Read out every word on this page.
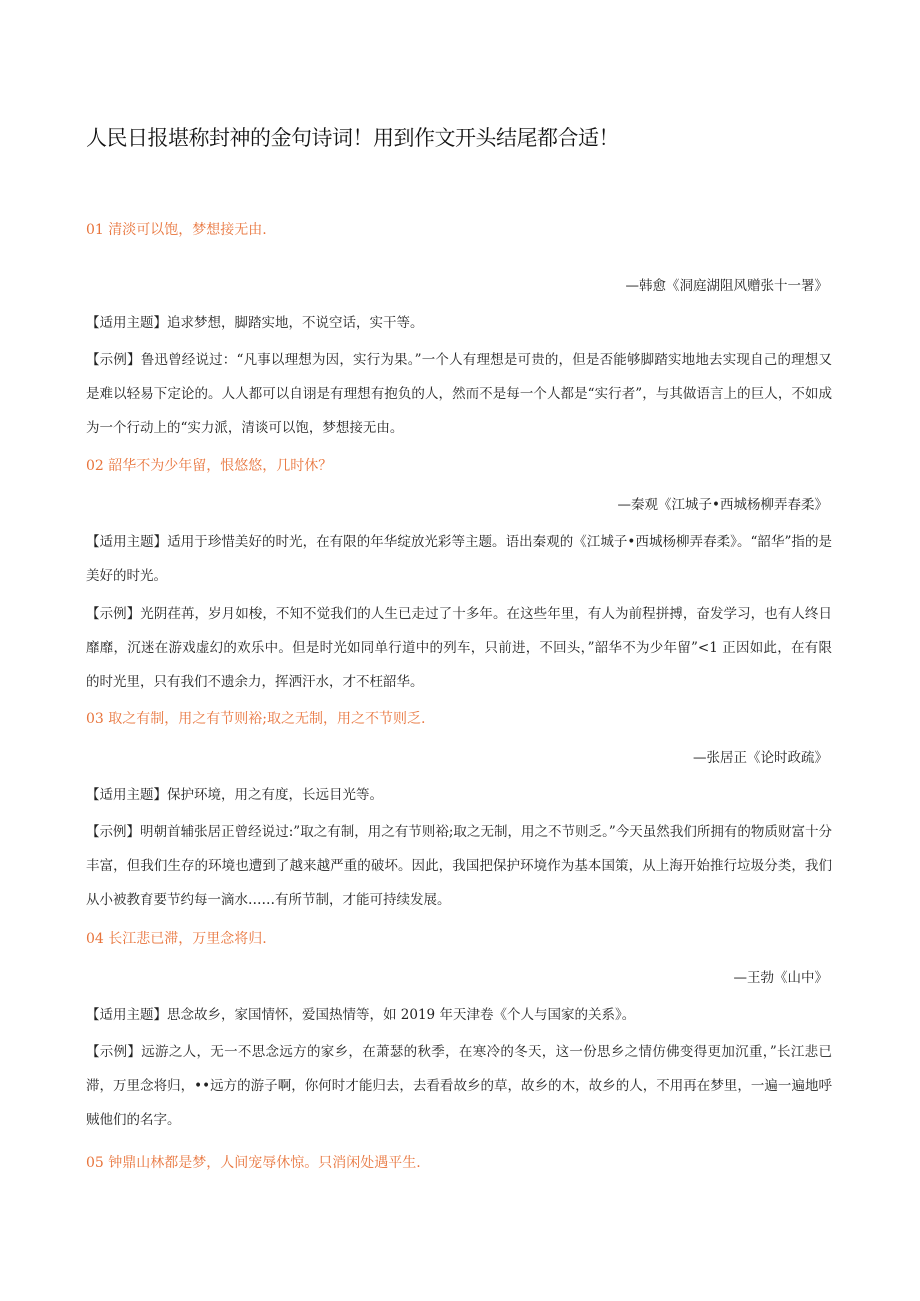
人民日报堪称封神的金句诗词！用到作文开头结尾都合适！
01 清淡可以饱，梦想接无由.
—韩愈《洞庭湖阻风赠张十一署》
【适用主题】追求梦想，脚踏实地，不说空话，实干等。
【示例】鲁迅曾经说过：“凡事以理想为因，实行为果。”一个人有理想是可贵的，但是否能够脚踏实地地去实现自己的理想又是难以轻易下定论的。人人都可以自诩是有理想有抱负的人，然而不是每一个人都是“实行者”，与其做语言上的巨人，不如成为一个行动上的“实力派，清谈可以饱，梦想接无由。
02 韶华不为少年留，恨悠悠，几时休？
—秦观《江城子•西城杨柳弄春柔》
【适用主题】适用于珍惜美好的时光，在有限的年华绽放光彩等主题。语出秦观的《江城子•西城杨柳弄春柔》。“韶华”指的是美好的时光。
【示例】光阴荏苒，岁月如梭，不知不觉我们的人生已走过了十多年。在这些年里，有人为前程拼搏，奋发学习，也有人终日靡靡，沉迷在游戏虚幻的欢乐中。但是时光如同单行道中的列车，只前进，不回头，”韶华不为少年留”<1 正因如此，在有限的时光里，只有我们不遗余力，挥洒汗水，才不枉韶华。
03 取之有制，用之有节则裕;取之无制，用之不节则乏.
—张居正《论时政疏》
【适用主题】保护环境，用之有度，长远目光等。
【示例】明朝首辅张居正曾经说过:”取之有制，用之有节则裕;取之无制，用之不节则乏。”今天虽然我们所拥有的物质财富十分丰富，但我们生存的环境也遭到了越来越严重的破坏。因此，我国把保护环境作为基本国策，从上海开始推行垃圾分类，我们从小被教育要节约每一滴水……有所节制，才能可持续发展。
04 长江悲已滞，万里念将归.
—王勃《山中》
【适用主题】思念故乡，家国情怀，爱国热情等，如 2019 年天津卷《个人与国家的关系》。
【示例】远游之人，无一不思念远方的家乡，在萧瑟的秋季，在寒冷的冬天，这一份思乡之情仿佛变得更加沉重，”长江悲已滞，万里念将归，••远方的游子啊，你何时才能归去，去看看故乡的草，故乡的木，故乡的人，不用再在梦里，一遍一遍地呼贼他们的名字。
05 钟鼎山林都是梦，人间宠辱休惊。只消闲处遇平生.
